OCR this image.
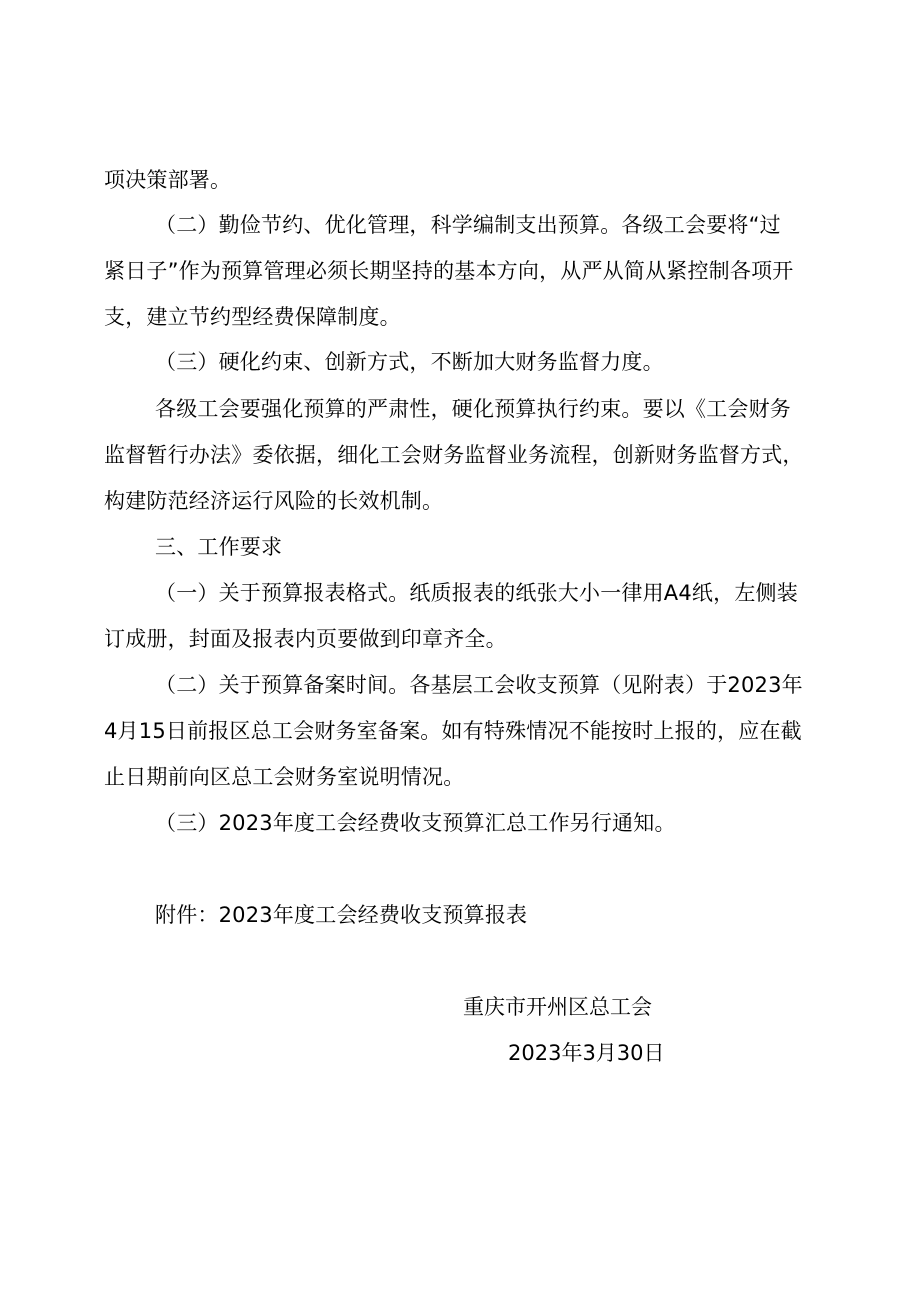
项决策部署。
（二）勤俭节约、优化管理，科学编制支出预算。各级工会要将“过
紧日子”作为预算管理必须长期坚持的基本方向，从严从简从紧控制各项开
支，建立节约型经费保障制度。
（三）硬化约束、创新方式，不断加大财务监督力度。
各级工会要强化预算的严肃性，硬化预算执行约束。要以《工会财务
监督暂行办法》委依据，细化工会财务监督业务流程，创新财务监督方式，
构建防范经济运行风险的长效机制。
三、工作要求
（一）关于预算报表格式。纸质报表的纸张大小一律用A4纸，左侧装
订成册，封面及报表内页要做到印章齐全。
（二）关于预算备案时间。各基层工会收支预算（见附表）于2023年
4月15日前报区总工会财务室备案。如有特殊情况不能按时上报的，应在截
止日期前向区总工会财务室说明情况。
（三）2023年度工会经费收支预算汇总工作另行通知。
附件：2023年度工会经费收支预算报表
重庆市开州区总工会
2023年3月30日
